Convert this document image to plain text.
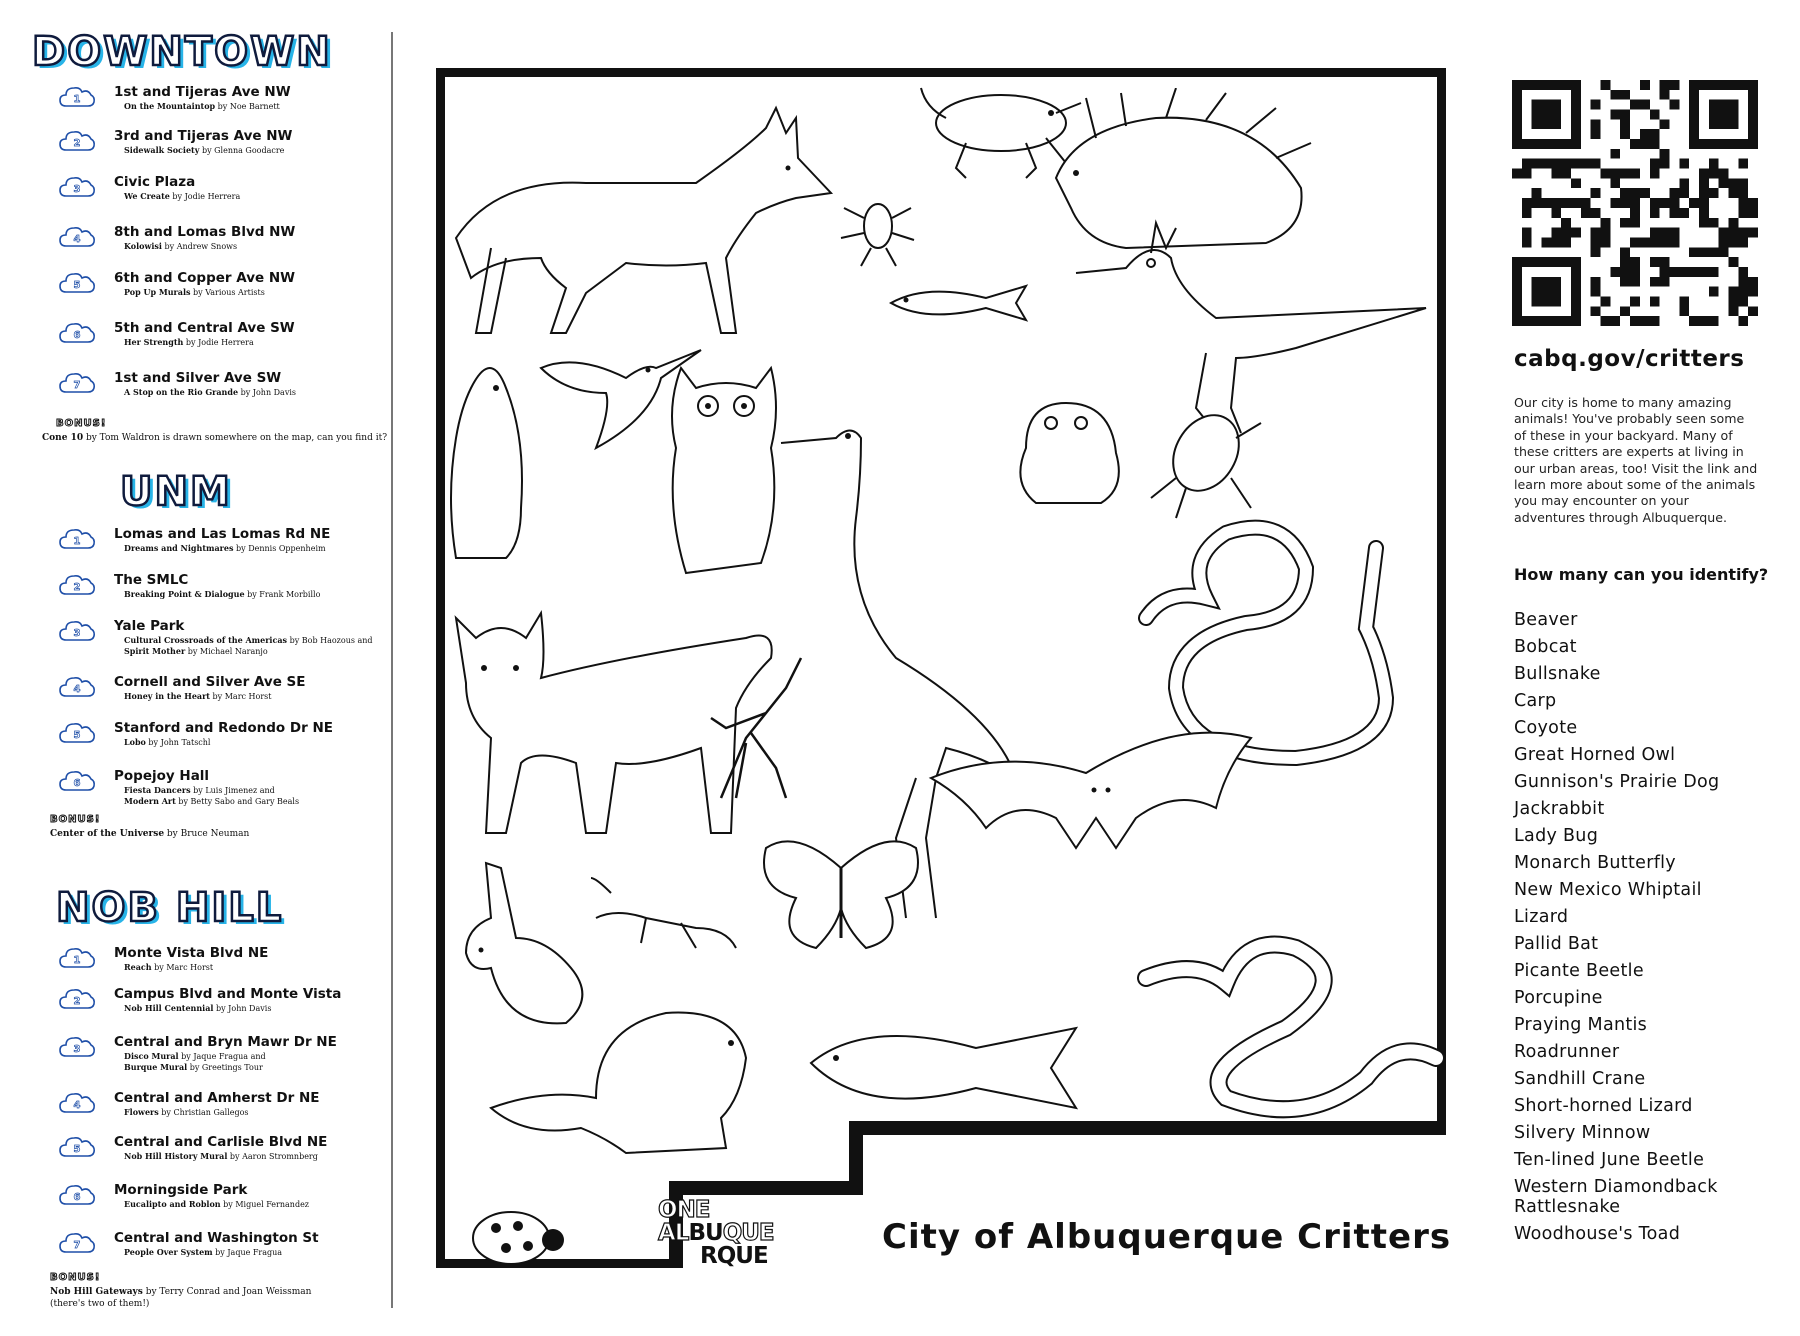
DOWNTOWN
1 1st and Tijeras Ave NW
On the Mountaintop by Noe Barnett
2 3rd and Tijeras Ave NW
Sidewalk Society by Glenna Goodacre
3 Civic Plaza
We Create by Jodie Herrera
4 8th and Lomas Blvd NW
Kolowisi by Andrew Snows
5 6th and Copper Ave NW
Pop Up Murals by Various Artists
6 5th and Central Ave SW
Her Strength by Jodie Herrera
7 1st and Silver Ave SW
A Stop on the Rio Grande by John Davis
BONUS!
Cone 10 by Tom Waldron is drawn somewhere on the map, can you find it?
UNM
1 Lomas and Las Lomas Rd NE
Dreams and Nightmares by Dennis Oppenheim
2 The SMLC
Breaking Point & Dialogue by Frank Morbillo
3 Yale Park
Cultural Crossroads of the Americas by Bob Haozous and
Spirit Mother by Michael Naranjo
4 Cornell and Silver Ave SE
Honey in the Heart by Marc Horst
5 Stanford and Redondo Dr NE
Lobo by John Tatschl
6 Popejoy Hall
Fiesta Dancers by Luis Jimenez and
Modern Art by Betty Sabo and Gary Beals
BONUS!
Center of the Universe by Bruce Neuman
NOB HILL
1 Monte Vista Blvd NE
Reach by Marc Horst
2 Campus Blvd and Monte Vista
Nob Hill Centennial by John Davis
3 Central and Bryn Mawr Dr NE
Disco Mural by Jaque Fragua and
Burque Mural by Greetings Tour
4 Central and Amherst Dr NE
Flowers by Christian Gallegos
5 Central and Carlisle Blvd NE
Nob Hill History Mural by Aaron Stromnberg
6 Morningside Park
Eucalipto and Roblon by Miguel Fernandez
7 Central and Washington St
People Over System by Jaque Fragua
BONUS!
Nob Hill Gateways by Terry Conrad and Joan Weissman
(there's two of them!)
ONE
ALBUQUE
RQUE	City of Albuquerque Critters
cabq.gov/critters
Our city is home to many amazing animals! You've probably seen some of these in your backyard. Many of these critters are experts at living in our urban areas, too! Visit the link and learn more about some of the animals you may encounter on your adventures through Albuquerque.
How many can you identify?
Beaver
Bobcat
Bullsnake
Carp
Coyote
Great Horned Owl
Gunnison's Prairie Dog
Jackrabbit
Lady Bug
Monarch Butterfly
New Mexico Whiptail
Lizard
Pallid Bat
Picante Beetle
Porcupine
Praying Mantis
Roadrunner
Sandhill Crane
Short-horned Lizard
Silvery Minnow
Ten-lined June Beetle
Western Diamondback Rattlesnake
Woodhouse's Toad
